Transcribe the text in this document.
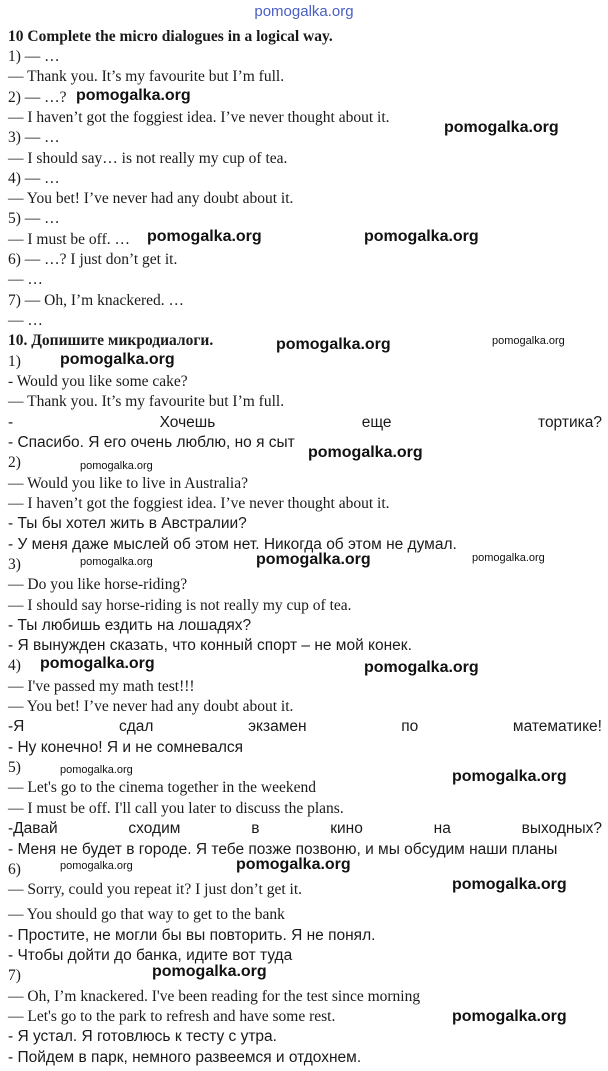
pomogalka.org
10 Complete the micro dialogues in a logical way.
1) — …
— Thank you. It’s my favourite but I’m full.
2) — …?
— I haven’t got the foggiest idea. I’ve never thought about it.
3) — …
— I should say… is not really my cup of tea.
4) — …
— You bet! I’ve never had any doubt about it.
5) — …
— I must be off. …
6) — …? I just don’t get it.
— …
7) — Oh, I’m knackered. …
— …
10. Допишите микродиалоги.
1)
- Would you like some cake?
— Thank you. It’s my favourite but I’m full.
-	Хочешь	еще	тортика?
- Спасибо. Я его очень люблю, но я сыт
2)
— Would you like to live in Australia?
— I haven’t got the foggiest idea. I’ve never thought about it.
- Ты бы хотел жить в Австралии?
- У меня даже мыслей об этом нет. Никогда об этом не думал.
3)
— Do you like horse-riding?
— I should say horse-riding is not really my cup of tea.
- Ты любишь ездить на лошадях?
- Я вынужден сказать, что конный спорт – не мой конек.
4)
— I've passed my math test!!!
— You bet! I’ve never had any doubt about it.
-Я	сдал	экзамен	по	математике!
- Ну конечно! Я и не сомневался
5)
— Let's go to the cinema together in the weekend
— I must be off. I'll call you later to discuss the plans.
-Давай	сходим	в	кино	на	выходных?
- Меня не будет в городе. Я тебе позже позвоню, и мы обсудим наши планы
6)
— Sorry, could you repeat it? I just don’t get it.
— You should go that way to get to the bank
- Простите, не могли бы вы повторить. Я не понял.
- Чтобы дойти до банка, идите вот туда
7)
— Oh, I’m knackered. I've been reading for the test since morning
— Let's go to the park to refresh and have some rest.
- Я устал. Я готовлюсь к тесту с утра.
- Пойдем в парк, немного развеемся и отдохнем.
pomogalka.org
pomogalka.org
pomogalka.org	pomogalka.org
pomogalka.org	pomogalka.org
pomogalka.org
pomogalka.org
pomogalka.org
pomogalka.org	pomogalka.org	pomogalka.org
pomogalka.org	pomogalka.org
pomogalka.org	pomogalka.org
pomogalka.org	pomogalka.org
pomogalka.org
pomogalka.org
pomogalka.org
